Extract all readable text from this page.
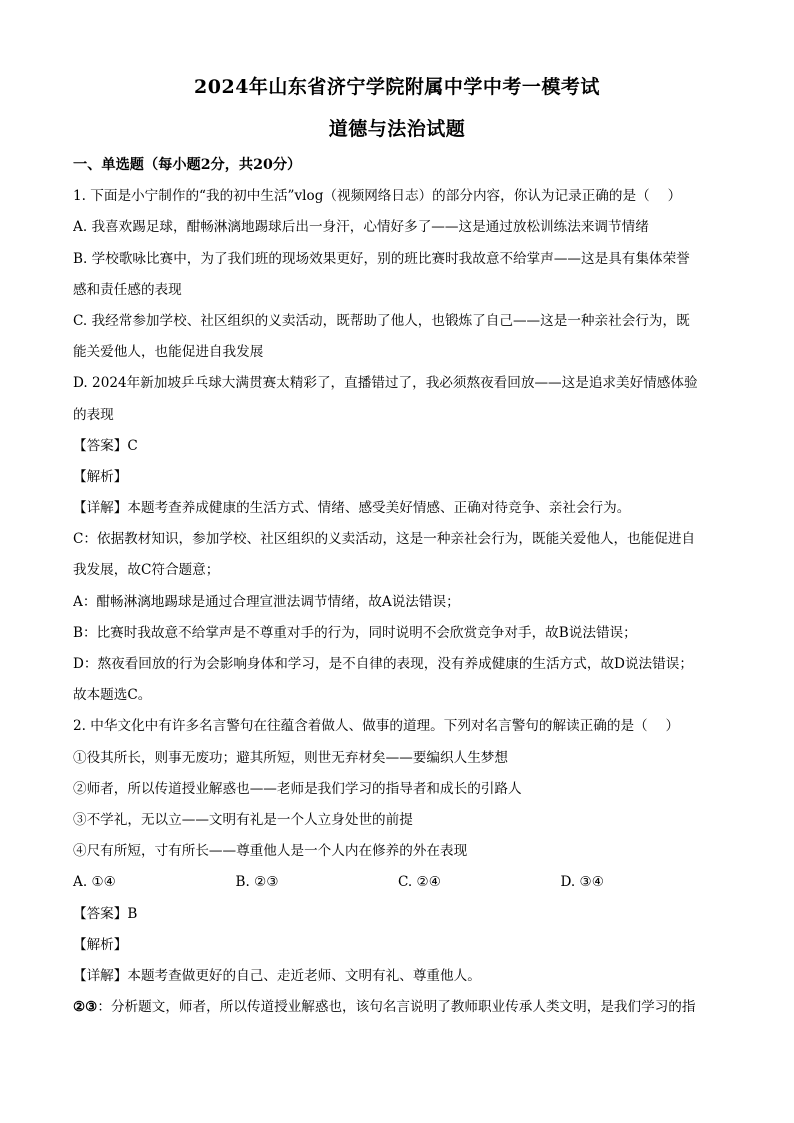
2024年山东省济宁学院附属中学中考一模考试
道德与法治试题
一、单选题（每小题2分，共20分）
1. 下面是小宁制作的“我的初中生活”vlog（视频网络日志）的部分内容，你认为记录正确的是（　 ）
A. 我喜欢踢足球，酣畅淋漓地踢球后出一身汗，心情好多了——这是通过放松训练法来调节情绪
B. 学校歌咏比赛中，为了我们班的现场效果更好，别的班比赛时我故意不给掌声——这是具有集体荣誉
感和责任感的表现
C. 我经常参加学校、社区组织的义卖活动，既帮助了他人，也锻炼了自己——这是一种亲社会行为，既
能关爱他人，也能促进自我发展
D. 2024年新加坡乒乓球大满贯赛太精彩了，直播错过了，我必须熬夜看回放——这是追求美好情感体验
的表现
【答案】C
【解析】
【详解】本题考查养成健康的生活方式、情绪、感受美好情感、正确对待竞争、亲社会行为。
C：依据教材知识，参加学校、社区组织的义卖活动，这是一种亲社会行为，既能关爱他人，也能促进自
我发展，故C符合题意；
A：酣畅淋漓地踢球是通过合理宣泄法调节情绪，故A说法错误；
B：比赛时我故意不给掌声是不尊重对手的行为，同时说明不会欣赏竞争对手，故B说法错误；
D：熬夜看回放的行为会影响身体和学习，是不自律的表现，没有养成健康的生活方式，故D说法错误；
故本题选C。
2. 中华文化中有许多名言警句在往蕴含着做人、做事的道理。下列对名言警句的解读正确的是（　 ）
①役其所长，则事无废功；避其所短，则世无弃材矣——要编织人生梦想
②师者，所以传道授业解惑也——老师是我们学习的指导者和成长的引路人
③不学礼，无以立——文明有礼是一个人立身处世的前提
④尺有所短，寸有所长——尊重他人是一个人内在修养的外在表现
A. ①④	B. ②③	C. ②④	D. ③④
【答案】B
【解析】
【详解】本题考查做更好的自己、走近老师、文明有礼、尊重他人。
②③：分析题文，师者，所以传道授业解惑也，该句名言说明了教师职业传承人类文明，是我们学习的指
